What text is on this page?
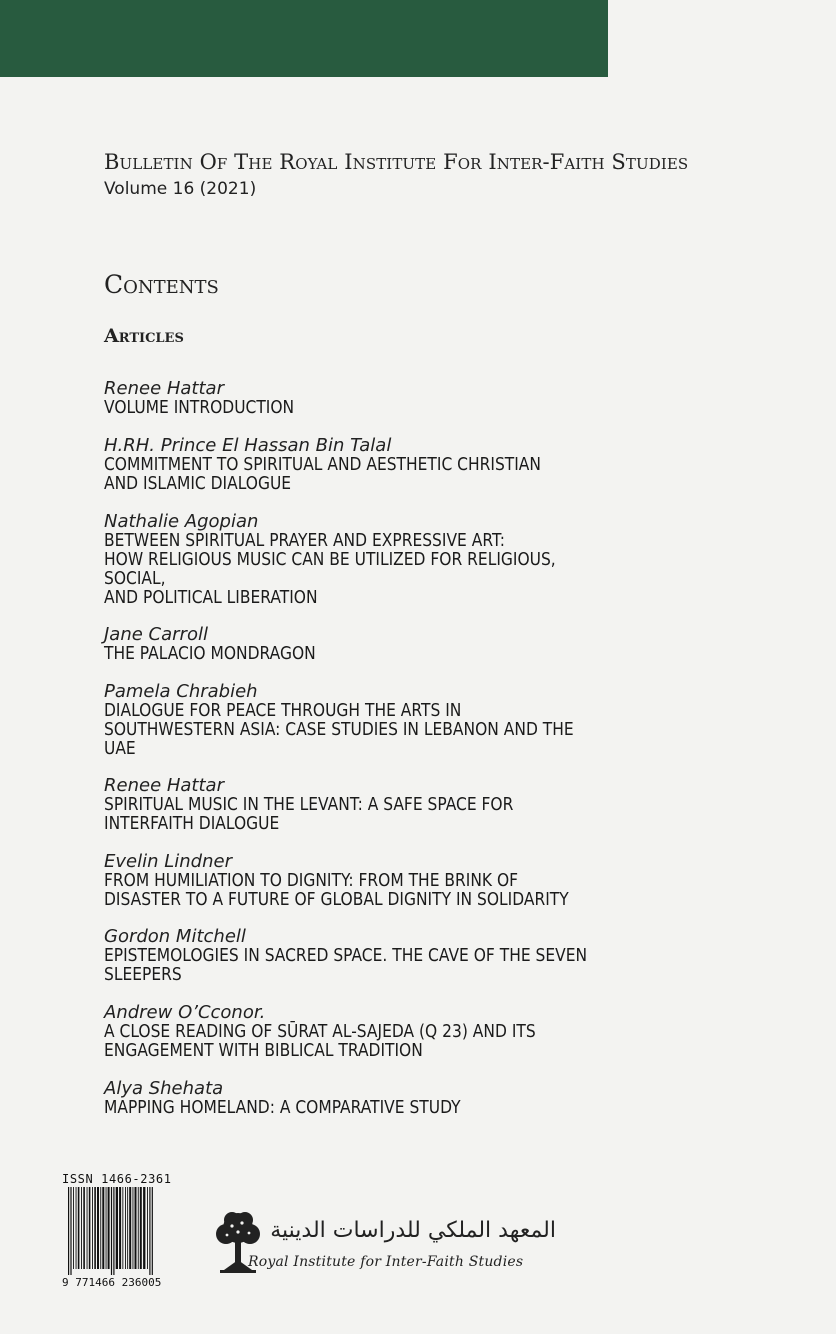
Bulletin Of The Royal Institute For Inter-Faith Studies
Volume 16 (2021)
Contents
Articles
Renee Hattar
VOLUME INTRODUCTION
H.RH. Prince El Hassan Bin Talal
COMMITMENT TO SPIRITUAL AND AESTHETIC CHRISTIAN
AND ISLAMIC DIALOGUE
Nathalie Agopian
BETWEEN SPIRITUAL PRAYER AND EXPRESSIVE ART:
HOW RELIGIOUS MUSIC CAN BE UTILIZED FOR RELIGIOUS,
SOCIAL,
AND POLITICAL LIBERATION
Jane Carroll
THE PALACIO MONDRAGON
Pamela Chrabieh
DIALOGUE FOR PEACE THROUGH THE ARTS IN
SOUTHWESTERN ASIA: CASE STUDIES IN LEBANON AND THE
UAE
Renee Hattar
SPIRITUAL MUSIC IN THE LEVANT: A SAFE SPACE FOR
INTERFAITH DIALOGUE
Evelin Lindner
FROM HUMILIATION TO DIGNITY: FROM THE BRINK OF
DISASTER TO A FUTURE OF GLOBAL DIGNITY IN SOLIDARITY
Gordon Mitchell
EPISTEMOLOGIES IN SACRED SPACE. THE CAVE OF THE SEVEN
SLEEPERS
Andrew O’Cconor.
A CLOSE READING OF SŪRAT AL-SAJEDA (Q 23) AND ITS
ENGAGEMENT WITH BIBLICAL TRADITION
Alya Shehata
MAPPING HOMELAND: A COMPARATIVE STUDY
ISSN 1466-2361
9 771466 236005
المعهد الملكي للدراسات الدينية
Royal Institute for Inter-Faith Studies
